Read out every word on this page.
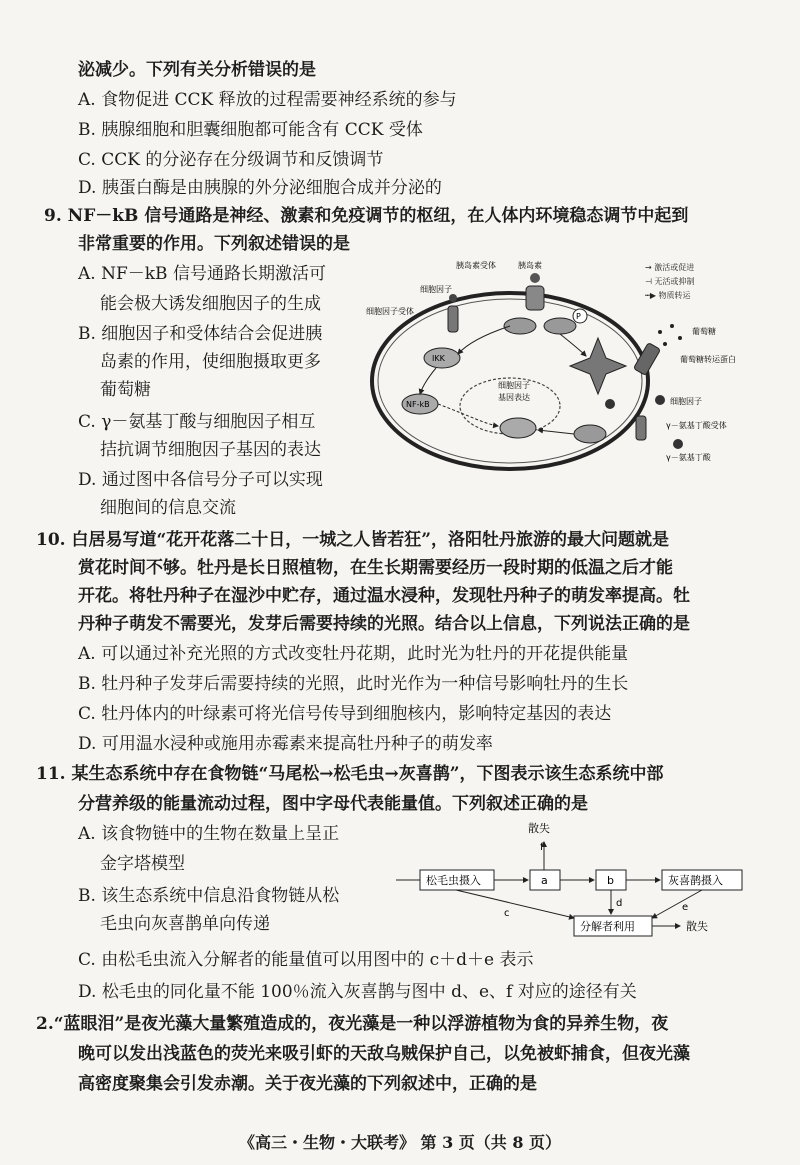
泌减少。下列有关分析错误的是
A. 食物促进 CCK 释放的过程需要神经系统的参与
B. 胰腺细胞和胆囊细胞都可能含有 CCK 受体
C. CCK 的分泌存在分级调节和反馈调节
D. 胰蛋白酶是由胰腺的外分泌细胞合成并分泌的
9. NF－kB 信号通路是神经、激素和免疫调节的枢纽，在人体内环境稳态调节中起到
非常重要的作用。下列叙述错误的是
A. NF－kB 信号通路长期激活可
能会极大诱发细胞因子的生成
B. 细胞因子和受体结合会促进胰
岛素的作用，使细胞摄取更多
葡萄糖
C. γ－氨基丁酸与细胞因子相互
拮抗调节细胞因子基因的表达
D. 通过图中各信号分子可以实现
细胞间的信息交流
→ 激活或促进
⊣ 无活或抑制
┅▶ 物质转运
胰岛素受体	胰岛素
细胞因子
细胞因子受体
P
IKK
NF-kB
细胞因子
基因表达
葡萄糖
葡萄糖转运蛋白
细胞因子
γ－氨基丁酸受体
γ－氨基丁酸
10. 白居易写道“花开花落二十日，一城之人皆若狂”，洛阳牡丹旅游的最大问题就是
赏花时间不够。牡丹是长日照植物，在生长期需要经历一段时期的低温之后才能
开花。将牡丹种子在湿沙中贮存，通过温水浸种，发现牡丹种子的萌发率提高。牡
丹种子萌发不需要光，发芽后需要持续的光照。结合以上信息，下列说法正确的是
A. 可以通过补充光照的方式改变牡丹花期，此时光为牡丹的开花提供能量
B. 牡丹种子发芽后需要持续的光照，此时光作为一种信号影响牡丹的生长
C. 牡丹体内的叶绿素可将光信号传导到细胞核内，影响特定基因的表达
D. 可用温水浸种或施用赤霉素来提高牡丹种子的萌发率
11. 某生态系统中存在食物链“马尾松→松毛虫→灰喜鹊”，下图表示该生态系统中部
分营养级的能量流动过程，图中字母代表能量值。下列叙述正确的是
A. 该食物链中的生物在数量上呈正
金字塔模型
B. 该生态系统中信息沿食物链从松
毛虫向灰喜鹊单向传递
散失
f
松毛虫摄入	a	b	灰喜鹊摄入
d
c
e
分解者利用	散失
C. 由松毛虫流入分解者的能量值可以用图中的 c＋d＋e 表示
D. 松毛虫的同化量不能 100％流入灰喜鹊与图中 d、e、f 对应的途径有关
2.“蓝眼泪”是夜光藻大量繁殖造成的，夜光藻是一种以浮游植物为食的异养生物，夜
晚可以发出浅蓝色的荧光来吸引虾的天敌乌贼保护自己，以免被虾捕食，但夜光藻
高密度聚集会引发赤潮。关于夜光藻的下列叙述中，正确的是
《高三・生物・大联考》 第 3 页（共 8 页）
